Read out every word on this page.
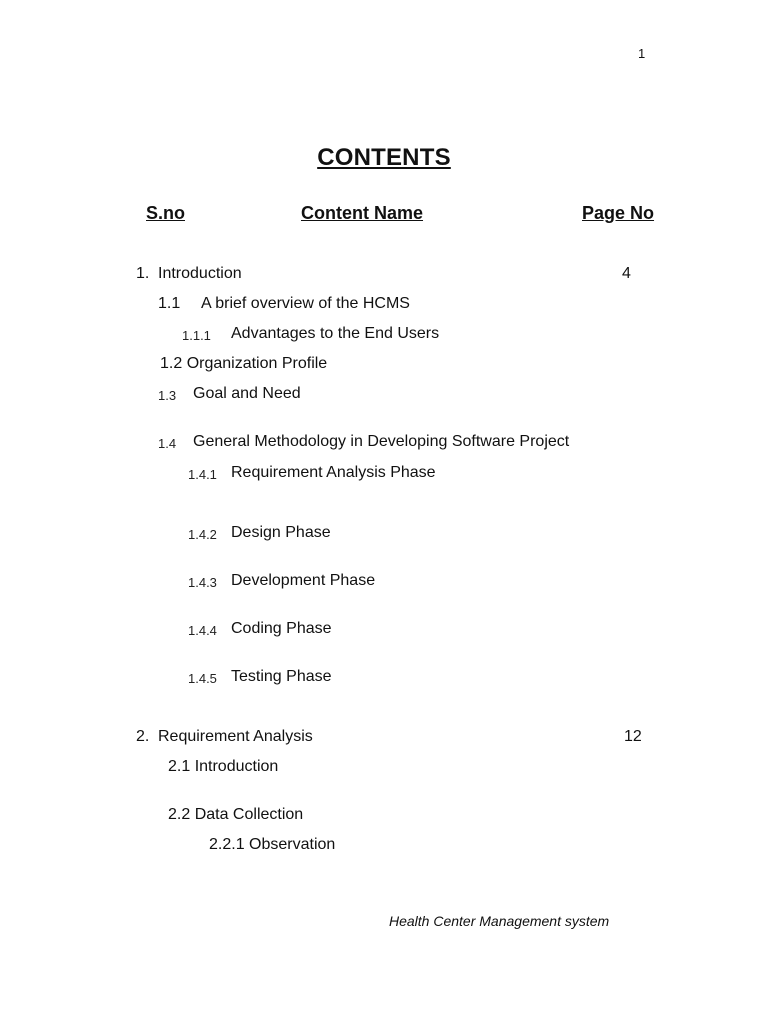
1
CONTENTS
S.no	Content Name	Page No
1. Introduction	4
1.1 A brief overview of the HCMS
1.1.1 Advantages to the End Users
1.2 Organization Profile
1.3 Goal and Need
1.4 General Methodology in Developing Software Project
1.4.1 Requirement Analysis Phase
1.4.2 Design Phase
1.4.3 Development Phase
1.4.4 Coding Phase
1.4.5 Testing Phase
2. Requirement Analysis	12
2.1 Introduction
2.2 Data Collection
2.2.1 Observation
Health Center Management system
